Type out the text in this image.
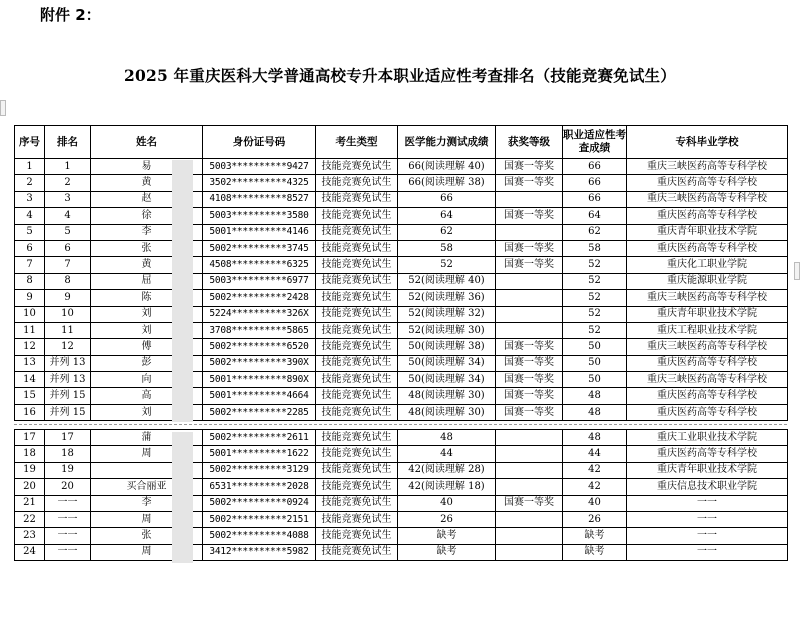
附件 2：
2025 年重庆医科大学普通高校专升本职业适应性考查排名（技能竞赛免试生）
序号	排名	姓名	身份证号码	考生类型	医学能力测试成绩	获奖等级	职业适应性考查成绩	专科毕业学校
1	1	易	5003**********9427	技能竞赛免试生	66(阅读理解 40)	国赛一等奖	66	重庆三峡医药高等专科学校
2	2	黄	3502**********4325	技能竞赛免试生	66(阅读理解 38)	国赛一等奖	66	重庆医药高等专科学校
3	3	赵	4108**********8527	技能竞赛免试生	66		66	重庆三峡医药高等专科学校
4	4	徐	5003**********3580	技能竞赛免试生	64	国赛一等奖	64	重庆医药高等专科学校
5	5	李	5001**********4146	技能竞赛免试生	62		62	重庆青年职业技术学院
6	6	张	5002**********3745	技能竞赛免试生	58	国赛一等奖	58	重庆医药高等专科学校
7	7	黄	4508**********6325	技能竞赛免试生	52	国赛一等奖	52	重庆化工职业学院
8	8	屈	5003**********6977	技能竞赛免试生	52(阅读理解 40)		52	重庆能源职业学院
9	9	陈	5002**********2428	技能竞赛免试生	52(阅读理解 36)		52	重庆三峡医药高等专科学校
10	10	刘	5224**********326X	技能竞赛免试生	52(阅读理解 32)		52	重庆青年职业技术学院
11	11	刘	3708**********5865	技能竞赛免试生	52(阅读理解 30)		52	重庆工程职业技术学院
12	12	傅	5002**********6520	技能竞赛免试生	50(阅读理解 38)	国赛一等奖	50	重庆三峡医药高等专科学校
13	并列 13	彭	5002**********390X	技能竞赛免试生	50(阅读理解 34)	国赛一等奖	50	重庆医药高等专科学校
14	并列 13	向	5001**********890X	技能竞赛免试生	50(阅读理解 34)	国赛一等奖	50	重庆三峡医药高等专科学校
15	并列 15	高	5001**********4664	技能竞赛免试生	48(阅读理解 30)	国赛一等奖	48	重庆医药高等专科学校
16	并列 15	刘	5002**********2285	技能竞赛免试生	48(阅读理解 30)	国赛一等奖	48	重庆医药高等专科学校
17	17	蒲	5002**********2611	技能竞赛免试生	48		48	重庆工业职业技术学院
18	18	周	5001**********1622	技能竞赛免试生	44		44	重庆医药高等专科学校
19	19		5002**********3129	技能竞赛免试生	42(阅读理解 28)		42	重庆青年职业技术学院
20	20	买合丽亚	6531**********2028	技能竞赛免试生	42(阅读理解 18)		42	重庆信息技术职业学院
21	一一	李	5002**********0924	技能竞赛免试生	40	国赛一等奖	40	一一
22	一一	周	5002**********2151	技能竞赛免试生	26		26	一一
23	一一	张	5002**********4088	技能竞赛免试生	缺考		缺考	一一
24	一一	周	3412**********5982	技能竞赛免试生	缺考		缺考	一一
